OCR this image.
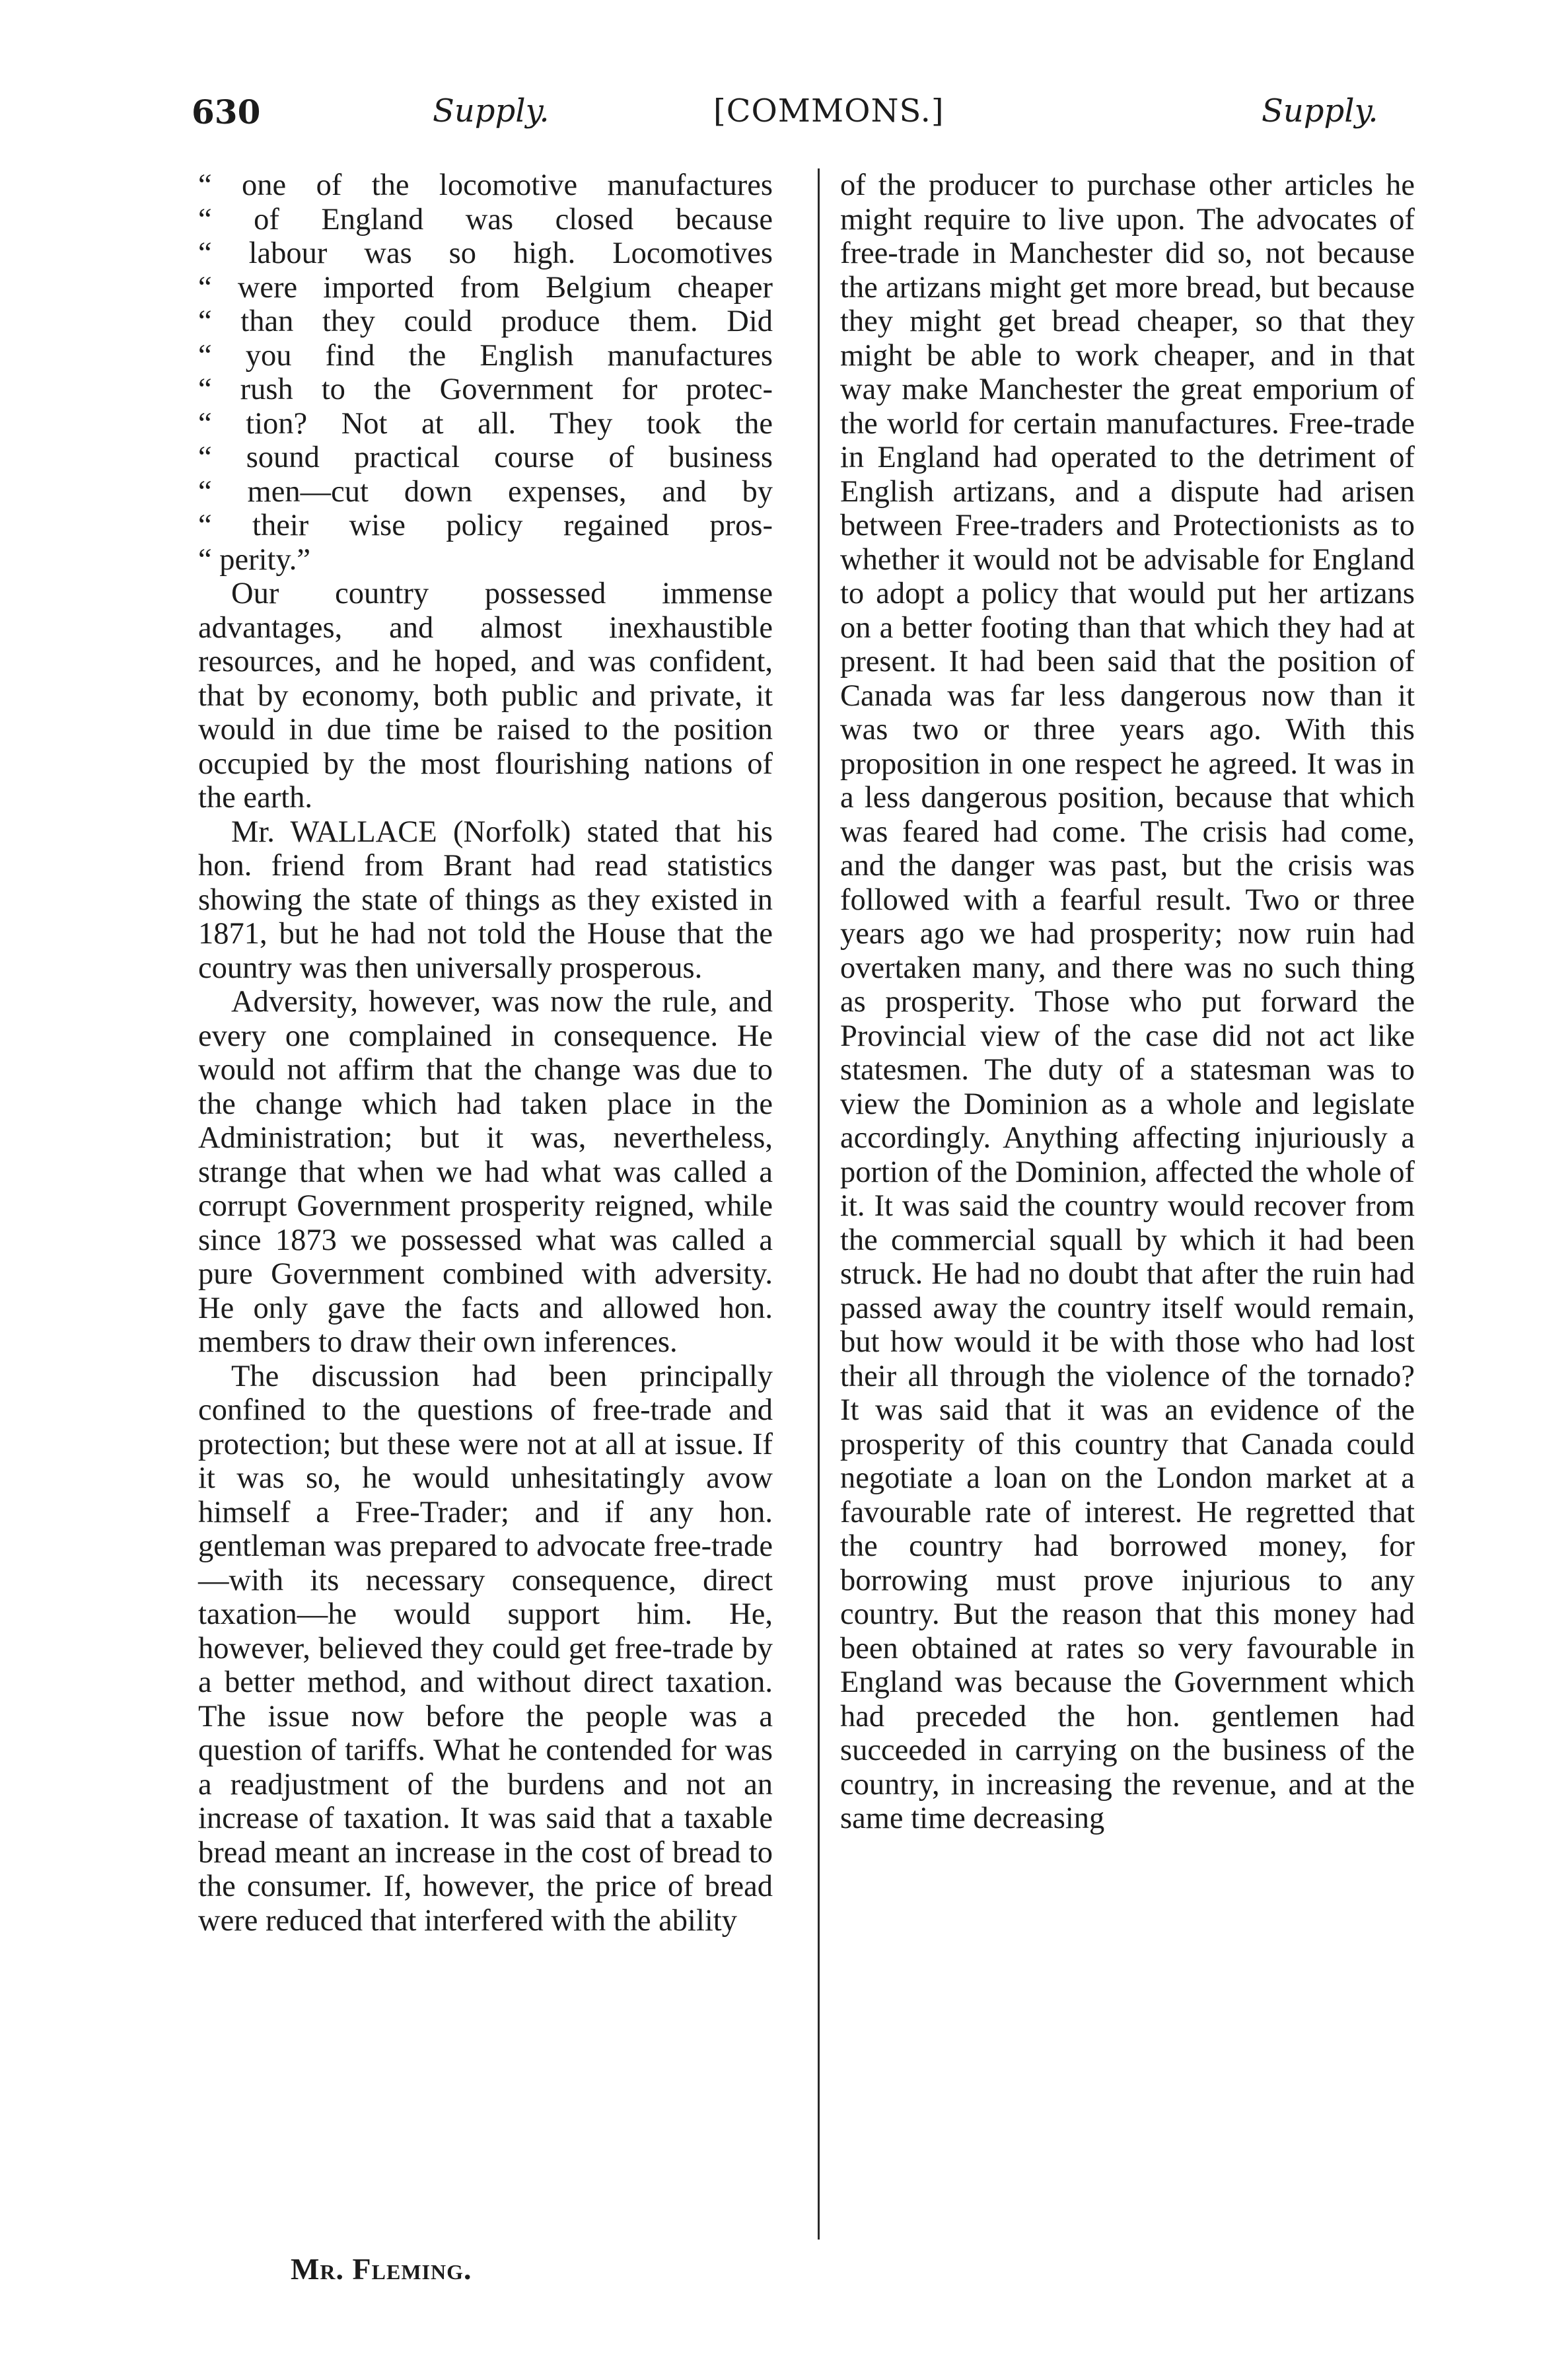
630	Supply.	[COMMONS.]	Supply.
“ one of the locomotive manufactures
“ of England was closed because
“ labour was so high. Locomotives
“ were imported from Belgium cheaper
“ than they could produce them. Did
“ you find the English manufactures
“ rush to the Government for protec-
“ tion? Not at all. They took the
“ sound practical course of business
“ men—cut down expenses, and by
“ their wise policy regained pros-
“ perity.”

Our country possessed immense advantages, and almost inexhaustible resources, and he hoped, and was confident, that by economy, both public and private, it would in due time be raised to the position occupied by the most flourishing nations of the earth.

Mr. WALLACE (Norfolk) stated that his hon. friend from Brant had read statistics showing the state of things as they existed in 1871, but he had not told the House that the country was then universally prosperous.

Adversity, however, was now the rule, and every one complained in consequence. He would not affirm that the change was due to the change which had taken place in the Administration; but it was, nevertheless, strange that when we had what was called a corrupt Government prosperity reigned, while since 1873 we possessed what was called a pure Government combined with adversity. He only gave the facts and allowed hon. members to draw their own inferences.

The discussion had been principally confined to the questions of free-trade and protection; but these were not at all at issue. If it was so, he would unhesitatingly avow himself a Free-Trader; and if any hon. gentleman was prepared to advocate free-trade—with its necessary consequence, direct taxation—he would support him. He, however, believed they could get free-trade by a better method, and without direct taxation. The issue now before the people was a question of tariffs. What he contended for was a readjustment of the burdens and not an increase of taxation. It was said that a taxable bread meant an increase in the cost of bread to the consumer. If, however, the price of bread were reduced that interfered with the ability

of the producer to purchase other articles he might require to live upon. The advocates of free-trade in Manchester did so, not because the artizans might get more bread, but because they might get bread cheaper, so that they might be able to work cheaper, and in that way make Manchester the great emporium of the world for certain manufactures. Free-trade in England had operated to the detriment of English artizans, and a dispute had arisen between Free-traders and Protectionists as to whether it would not be advisable for England to adopt a policy that would put her artizans on a better footing than that which they had at present. It had been said that the position of Canada was far less dangerous now than it was two or three years ago. With this proposition in one respect he agreed. It was in a less dangerous position, because that which was feared had come. The crisis had come, and the danger was past, but the crisis was followed with a fearful result. Two or three years ago we had prosperity; now ruin had overtaken many, and there was no such thing as prosperity. Those who put forward the Provincial view of the case did not act like statesmen. The duty of a statesman was to view the Dominion as a whole and legislate accordingly. Anything affecting injuriously a portion of the Dominion, affected the whole of it. It was said the country would recover from the commercial squall by which it had been struck. He had no doubt that after the ruin had passed away the country itself would remain, but how would it be with those who had lost their all through the violence of the tornado? It was said that it was an evidence of the prosperity of this country that Canada could negotiate a loan on the London market at a favourable rate of interest. He regretted that the country had borrowed money, for borrowing must prove injurious to any country. But the reason that this money had been obtained at rates so very favourable in England was because the Government which had preceded the hon. gentlemen had succeeded in carrying on the business of the country, in increasing the revenue, and at the same time decreasing

Mr. Fleming.
